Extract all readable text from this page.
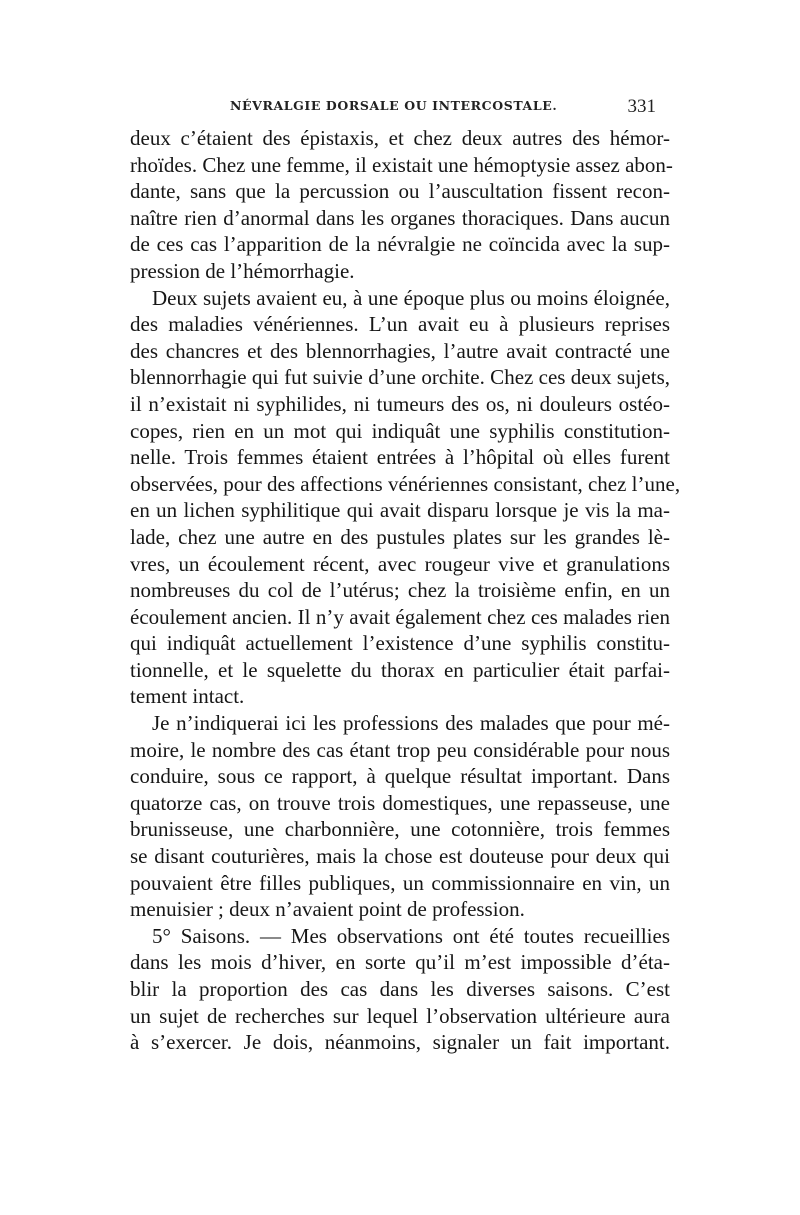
NÉVRALGIE DORSALE OU INTERCOSTALE.	331
deux c’étaient des épistaxis, et chez deux autres des hémor-
rhoïdes. Chez une femme, il existait une hémoptysie assez abon-
dante, sans que la percussion ou l’auscultation fissent recon-
naître rien d’anormal dans les organes thoraciques. Dans aucun
de ces cas l’apparition de la névralgie ne coïncida avec la sup-
pression de l’hémorrhagie.
Deux sujets avaient eu, à une époque plus ou moins éloignée,
des maladies vénériennes. L’un avait eu à plusieurs reprises
des chancres et des blennorrhagies, l’autre avait contracté une
blennorrhagie qui fut suivie d’une orchite. Chez ces deux sujets,
il n’existait ni syphilides, ni tumeurs des os, ni douleurs ostéo-
copes, rien en un mot qui indiquât une syphilis constitution-
nelle. Trois femmes étaient entrées à l’hôpital où elles furent
observées, pour des affections vénériennes consistant, chez l’une,
en un lichen syphilitique qui avait disparu lorsque je vis la ma-
lade, chez une autre en des pustules plates sur les grandes lè-
vres, un écoulement récent, avec rougeur vive et granulations
nombreuses du col de l’utérus; chez la troisième enfin, en un
écoulement ancien. Il n’y avait également chez ces malades rien
qui indiquât actuellement l’existence d’une syphilis constitu-
tionnelle, et le squelette du thorax en particulier était parfai-
tement intact.
Je n’indiquerai ici les professions des malades que pour mé-
moire, le nombre des cas étant trop peu considérable pour nous
conduire, sous ce rapport, à quelque résultat important. Dans
quatorze cas, on trouve trois domestiques, une repasseuse, une
brunisseuse, une charbonnière, une cotonnière, trois femmes
se disant couturières, mais la chose est douteuse pour deux qui
pouvaient être filles publiques, un commissionnaire en vin, un
menuisier ; deux n’avaient point de profession.
5° Saisons. — Mes observations ont été toutes recueillies
dans les mois d’hiver, en sorte qu’il m’est impossible d’éta-
blir la proportion des cas dans les diverses saisons. C’est
un sujet de recherches sur lequel l’observation ultérieure aura
à s’exercer. Je dois, néanmoins, signaler un fait important.
